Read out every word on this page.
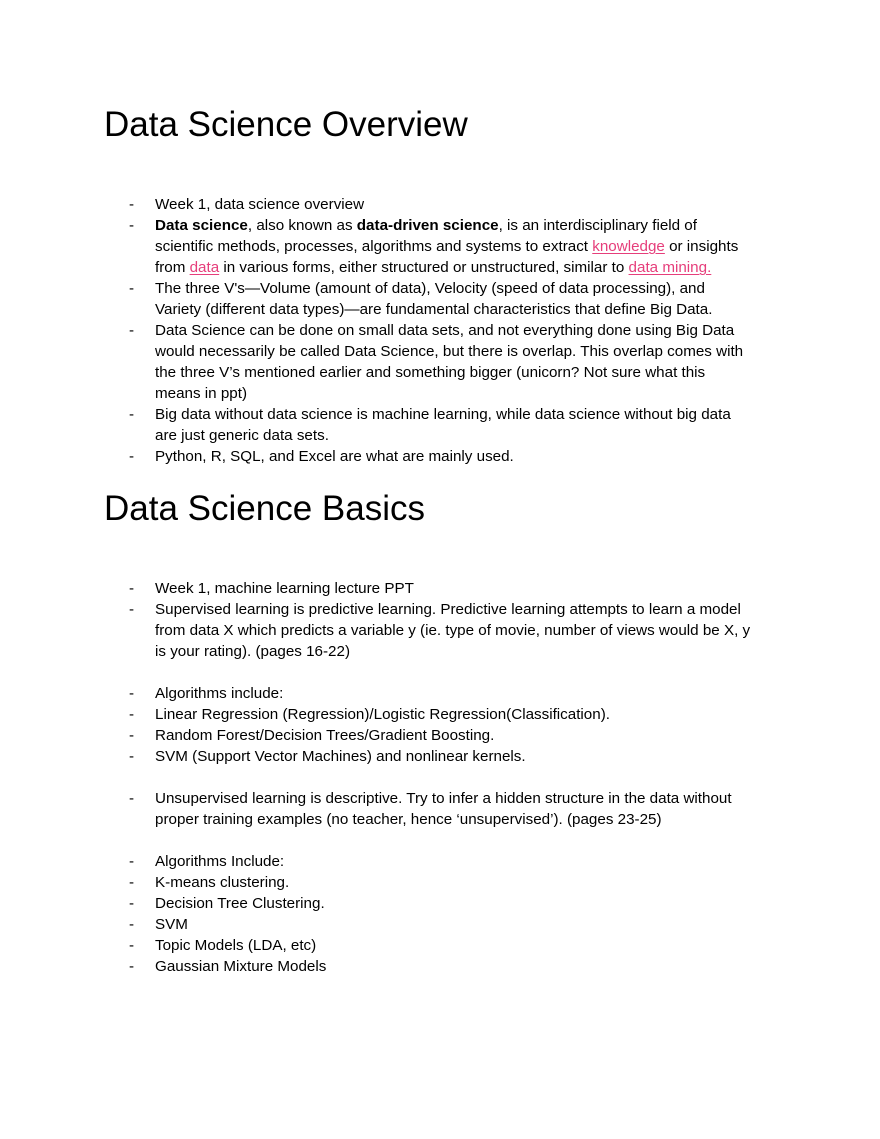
Data Science Overview
-	Week 1, data science overview
-	Data science, also known as data-driven science, is an interdisciplinary field of
scientific methods, processes, algorithms and systems to extract knowledge or insights
from data in various forms, either structured or unstructured, similar to data mining.
-	The three V's—Volume (amount of data), Velocity (speed of data processing), and
Variety (different data types)—are fundamental characteristics that define Big Data.
-	Data Science can be done on small data sets, and not everything done using Big Data
would necessarily be called Data Science, but there is overlap. This overlap comes with
the three V’s mentioned earlier and something bigger (unicorn? Not sure what this
means in ppt)
-	Big data without data science is machine learning, while data science without big data
are just generic data sets.
-	Python, R, SQL, and Excel are what are mainly used.
Data Science Basics
-	Week 1, machine learning lecture PPT
-	Supervised learning is predictive learning. Predictive learning attempts to learn a model
from data X which predicts a variable y (ie. type of movie, number of views would be X, y
is your rating). (pages 16-22)
-	Algorithms include:
-	Linear Regression (Regression)/Logistic Regression(Classification).
-	Random Forest/Decision Trees/Gradient Boosting.
-	SVM (Support Vector Machines) and nonlinear kernels.
-	Unsupervised learning is descriptive. Try to infer a hidden structure in the data without
proper training examples (no teacher, hence ‘unsupervised’). (pages 23-25)
-	Algorithms Include:
-	K-means clustering.
-	Decision Tree Clustering.
-	SVM
-	Topic Models (LDA, etc)
-	Gaussian Mixture Models
